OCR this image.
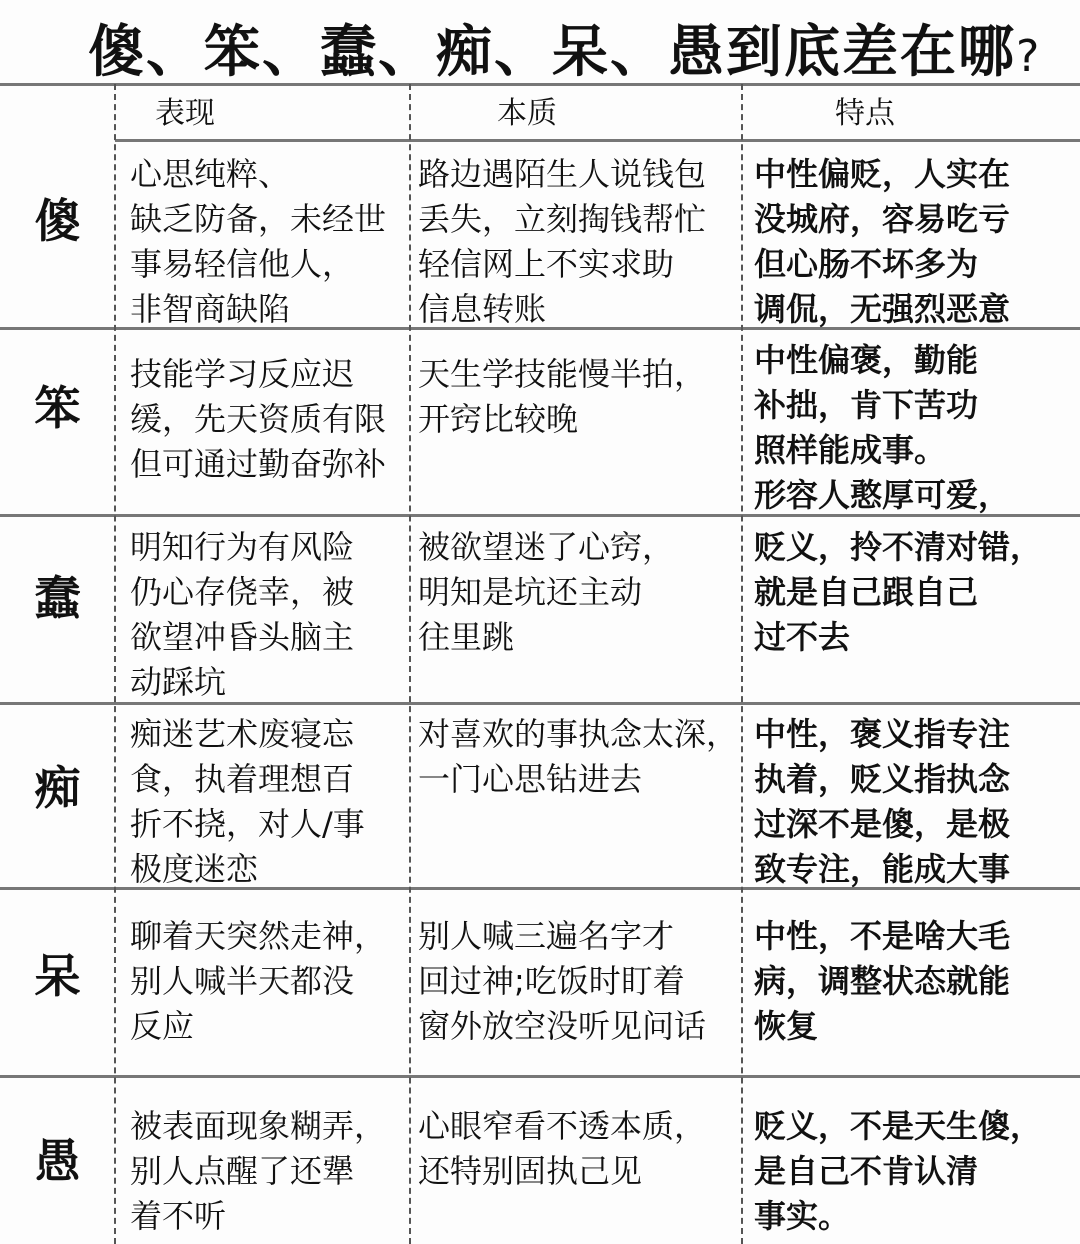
傻、笨、蠢、痴、呆、愚到底差在哪?
表现	本质	特点
傻
心思纯粹、
缺乏防备，未经世
事易轻信他人，
非智商缺陷
路边遇陌生人说钱包
丢失，立刻掏钱帮忙
轻信网上不实求助
信息转账
中性偏贬，人实在
没城府，容易吃亏
但心肠不坏多为
调侃，无强烈恶意
笨
技能学习反应迟
缓，先天资质有限
但可通过勤奋弥补
天生学技能慢半拍，
开窍比较晚
中性偏褒，勤能
补拙，肯下苦功
照样能成事。
形容人憨厚可爱，
蠢
明知行为有风险
仍心存侥幸，被
欲望冲昏头脑主
动踩坑
被欲望迷了心窍，
明知是坑还主动
往里跳
贬义，拎不清对错，
就是自己跟自己
过不去
痴
痴迷艺术废寝忘
食，执着理想百
折不挠，对人/事
极度迷恋
对喜欢的事执念太深，
一门心思钻进去
中性，褒义指专注
执着，贬义指执念
过深不是傻，是极
致专注，能成大事
呆
聊着天突然走神，
别人喊半天都没
反应
别人喊三遍名字才
回过神;吃饭时盯着
窗外放空没听见问话
中性，不是啥大毛
病，调整状态就能
恢复
愚
被表面现象糊弄，
别人点醒了还犟
着不听
心眼窄看不透本质，
还特别固执己见
贬义，不是天生傻，
是自己不肯认清
事实。
